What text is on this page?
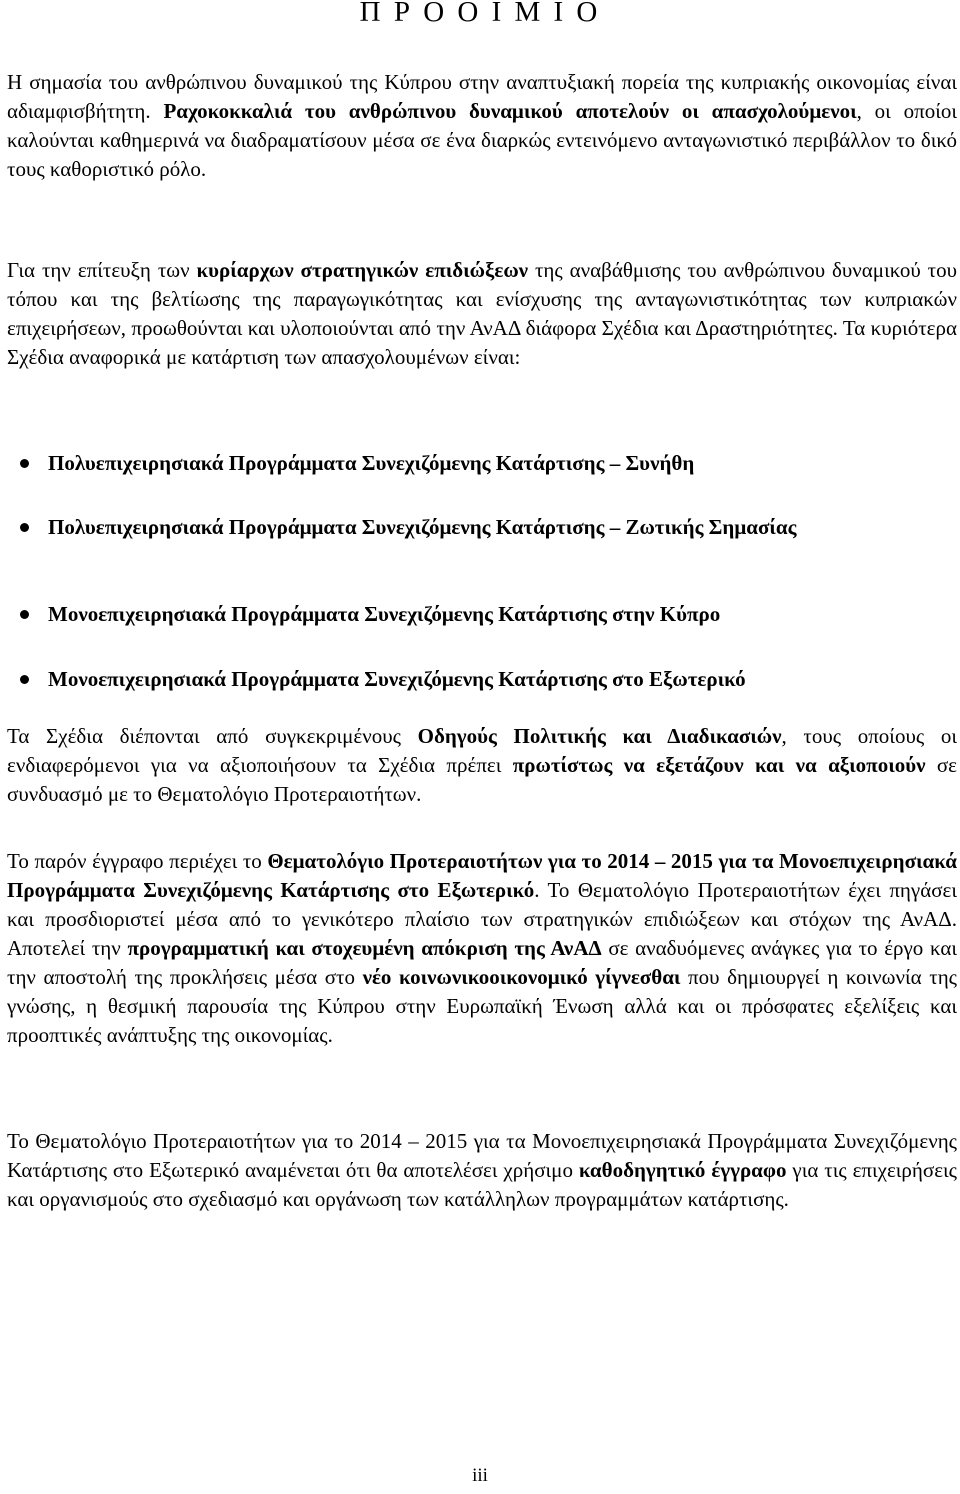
Π Ρ Ο Ο Ι Μ Ι Ο

Η σημασία του ανθρώπινου δυναμικού της Κύπρου στην αναπτυξιακή πορεία της κυπριακής οικονομίας είναι αδιαμφισβήτητη. Ραχοκοκκαλιά του ανθρώπινου δυναμικού αποτελούν οι απασχολούμενοι, οι οποίοι καλούνται καθημερινά να διαδραματίσουν μέσα σε ένα διαρκώς εντεινόμενο ανταγωνιστικό περιβάλλον το δικό τους καθοριστικό ρόλο.

Για την επίτευξη των κυρίαρχων στρατηγικών επιδιώξεων της αναβάθμισης του ανθρώπινου δυναμικού του τόπου και της βελτίωσης της παραγωγικότητας και ενίσχυσης της ανταγωνιστικότητας των κυπριακών επιχειρήσεων, προωθούνται και υλοποιούνται από την ΑνΑΔ διάφορα Σχέδια και Δραστηριότητες. Τα κυριότερα Σχέδια αναφορικά με κατάρτιση των απασχολουμένων είναι:

Πολυεπιχειρησιακά Προγράμματα Συνεχιζόμενης Κατάρτισης – Συνήθη
Πολυεπιχειρησιακά Προγράμματα Συνεχιζόμενης Κατάρτισης – Ζωτικής Σημασίας
Μονοεπιχειρησιακά Προγράμματα Συνεχιζόμενης Κατάρτισης στην Κύπρο
Μονοεπιχειρησιακά Προγράμματα Συνεχιζόμενης Κατάρτισης στο Εξωτερικό

Τα Σχέδια διέπονται από συγκεκριμένους Οδηγούς Πολιτικής και Διαδικασιών, τους οποίους οι ενδιαφερόμενοι για να αξιοποιήσουν τα Σχέδια πρέπει πρωτίστως να εξετάζουν και να αξιοποιούν σε συνδυασμό με το Θεματολόγιο Προτεραιοτήτων.

Το παρόν έγγραφο περιέχει το Θεματολόγιο Προτεραιοτήτων για το 2014 – 2015 για τα Μονοεπιχειρησιακά Προγράμματα Συνεχιζόμενης Κατάρτισης στο Εξωτερικό. Το Θεματολόγιο Προτεραιοτήτων έχει πηγάσει και προσδιοριστεί μέσα από το γενικότερο πλαίσιο των στρατηγικών επιδιώξεων και στόχων της ΑνΑΔ. Αποτελεί την προγραμματική και στοχευμένη απόκριση της ΑνΑΔ σε αναδυόμενες ανάγκες για το έργο και την αποστολή της προκλήσεις μέσα στο νέο κοινωνικοοικονομικό γίγνεσθαι που δημιουργεί η κοινωνία της γνώσης, η θεσμική παρουσία της Κύπρου στην Ευρωπαϊκή Ένωση αλλά και οι πρόσφατες εξελίξεις και προοπτικές ανάπτυξης της οικονομίας.

Το Θεματολόγιο Προτεραιοτήτων για το 2014 – 2015 για τα Μονοεπιχειρησιακά Προγράμματα Συνεχιζόμενης Κατάρτισης στο Εξωτερικό αναμένεται ότι θα αποτελέσει χρήσιμο καθοδηγητικό έγγραφο για τις επιχειρήσεις και οργανισμούς στο σχεδιασμό και οργάνωση των κατάλληλων προγραμμάτων κατάρτισης.

iii
